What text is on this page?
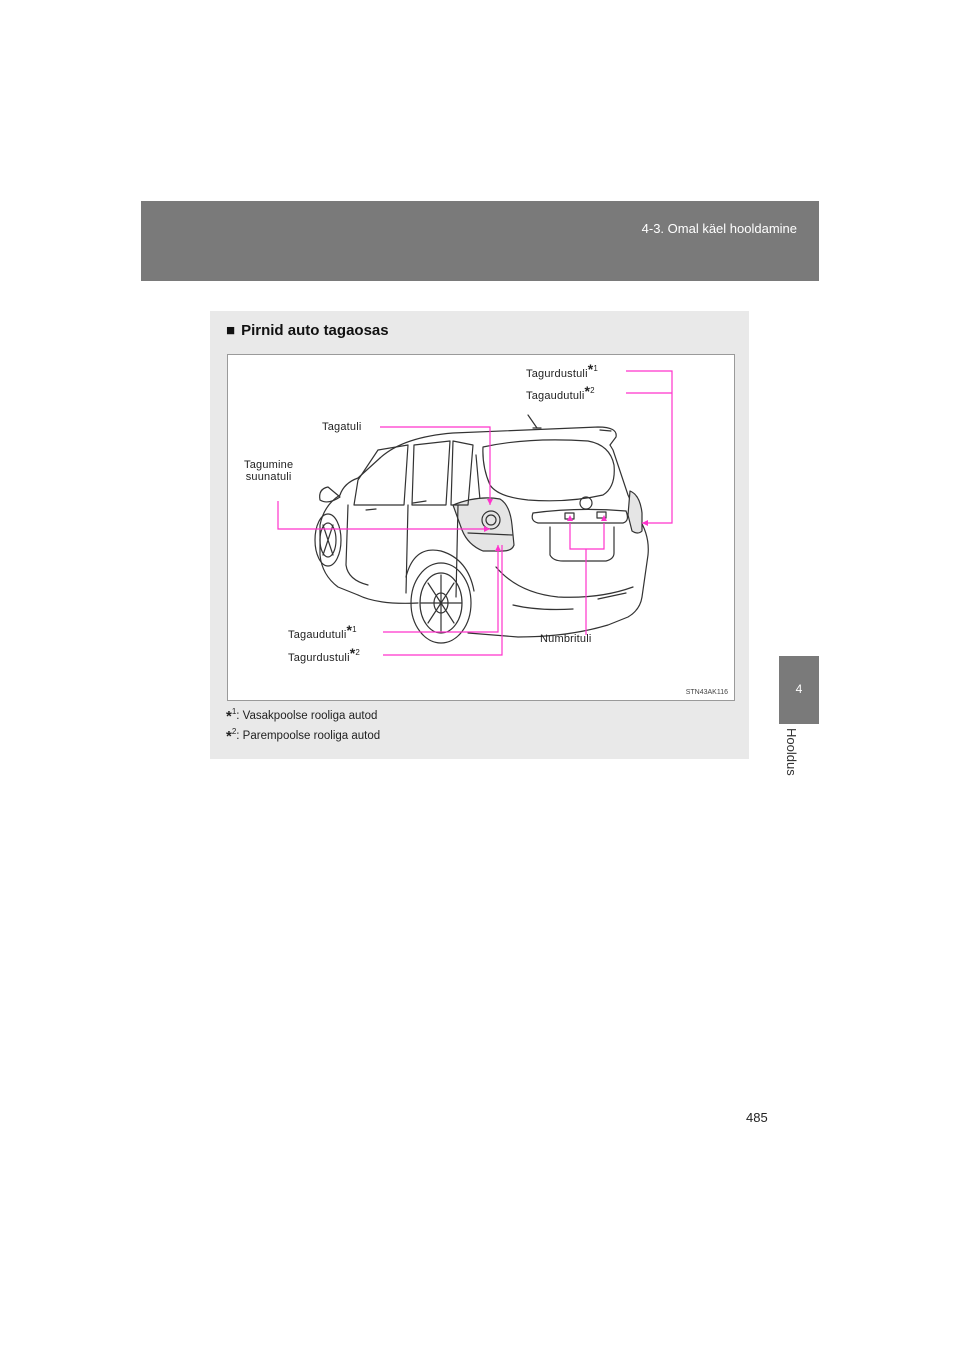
4-3. Omal käel hooldamine
4
Hooldus
■ Pirnid auto tagaosas
Tagurdustuli*$^1$
Tagaudutuli*$^2$
Tagatuli
Tagumine
suunatuli
Tagaudutuli*$^1$
Tagurdustuli*$^2$
Numbrituli
STN43AK116
*$^1$: Vasakpoolse rooliga autod
*$^2$: Parempoolse rooliga autod
485
